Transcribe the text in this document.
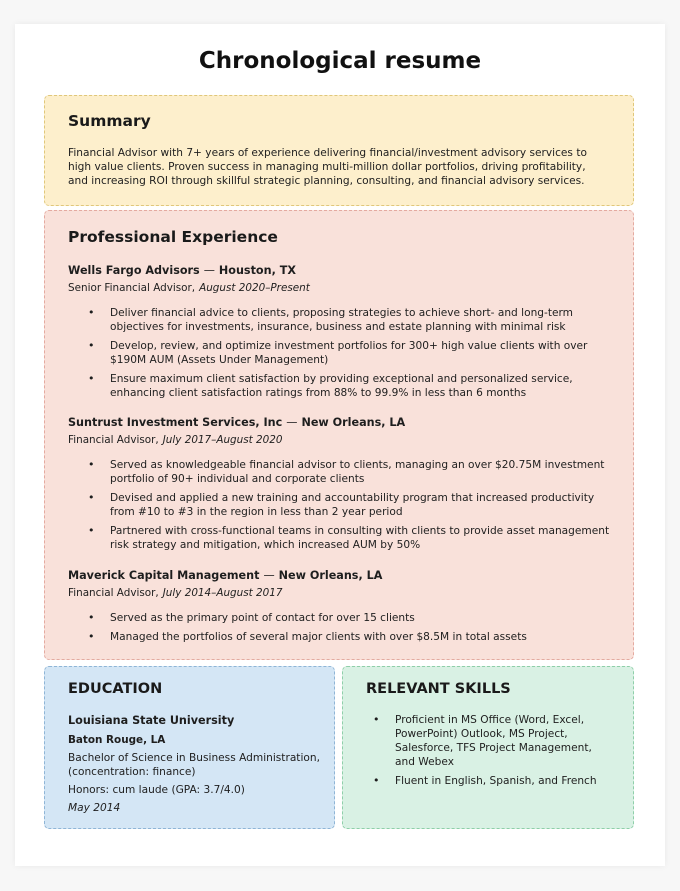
Chronological resume
Summary

Financial Advisor with 7+ years of experience delivering financial/investment advisory services to high value clients. Proven success in managing multi-million dollar portfolios, driving profitability, and increasing ROI through skillful strategic planning, consulting, and financial advisory services.

Professional Experience
Wells Fargo Advisors — Houston, TX
Senior Financial Advisor, August 2020–Present
• Deliver financial advice to clients, proposing strategies to achieve short- and long-term objectives for investments, insurance, business and estate planning with minimal risk
• Develop, review, and optimize investment portfolios for 300+ high value clients with over $190M AUM (Assets Under Management)
• Ensure maximum client satisfaction by providing exceptional and personalized service, enhancing client satisfaction ratings from 88% to 99.9% in less than 6 months
Suntrust Investment Services, Inc — New Orleans, LA
Financial Advisor, July 2017–August 2020
• Served as knowledgeable financial advisor to clients, managing an over $20.75M investment portfolio of 90+ individual and corporate clients
• Devised and applied a new training and accountability program that increased productivity from #10 to #3 in the region in less than 2 year period
• Partnered with cross-functional teams in consulting with clients to provide asset management risk strategy and mitigation, which increased AUM by 50%
Maverick Capital Management — New Orleans, LA
Financial Advisor, July 2014–August 2017
• Served as the primary point of contact for over 15 clients
• Managed the portfolios of several major clients with over $8.5M in total assets
EDUCATION
Louisiana State University
Baton Rouge, LA
Bachelor of Science in Business Administration, (concentration: finance)
Honors: cum laude (GPA: 3.7/4.0)
May 2014
RELEVANT SKILLS
• Proficient in MS Office (Word, Excel, PowerPoint) Outlook, MS Project, Salesforce, TFS Project Management, and Webex
• Fluent in English, Spanish, and French
